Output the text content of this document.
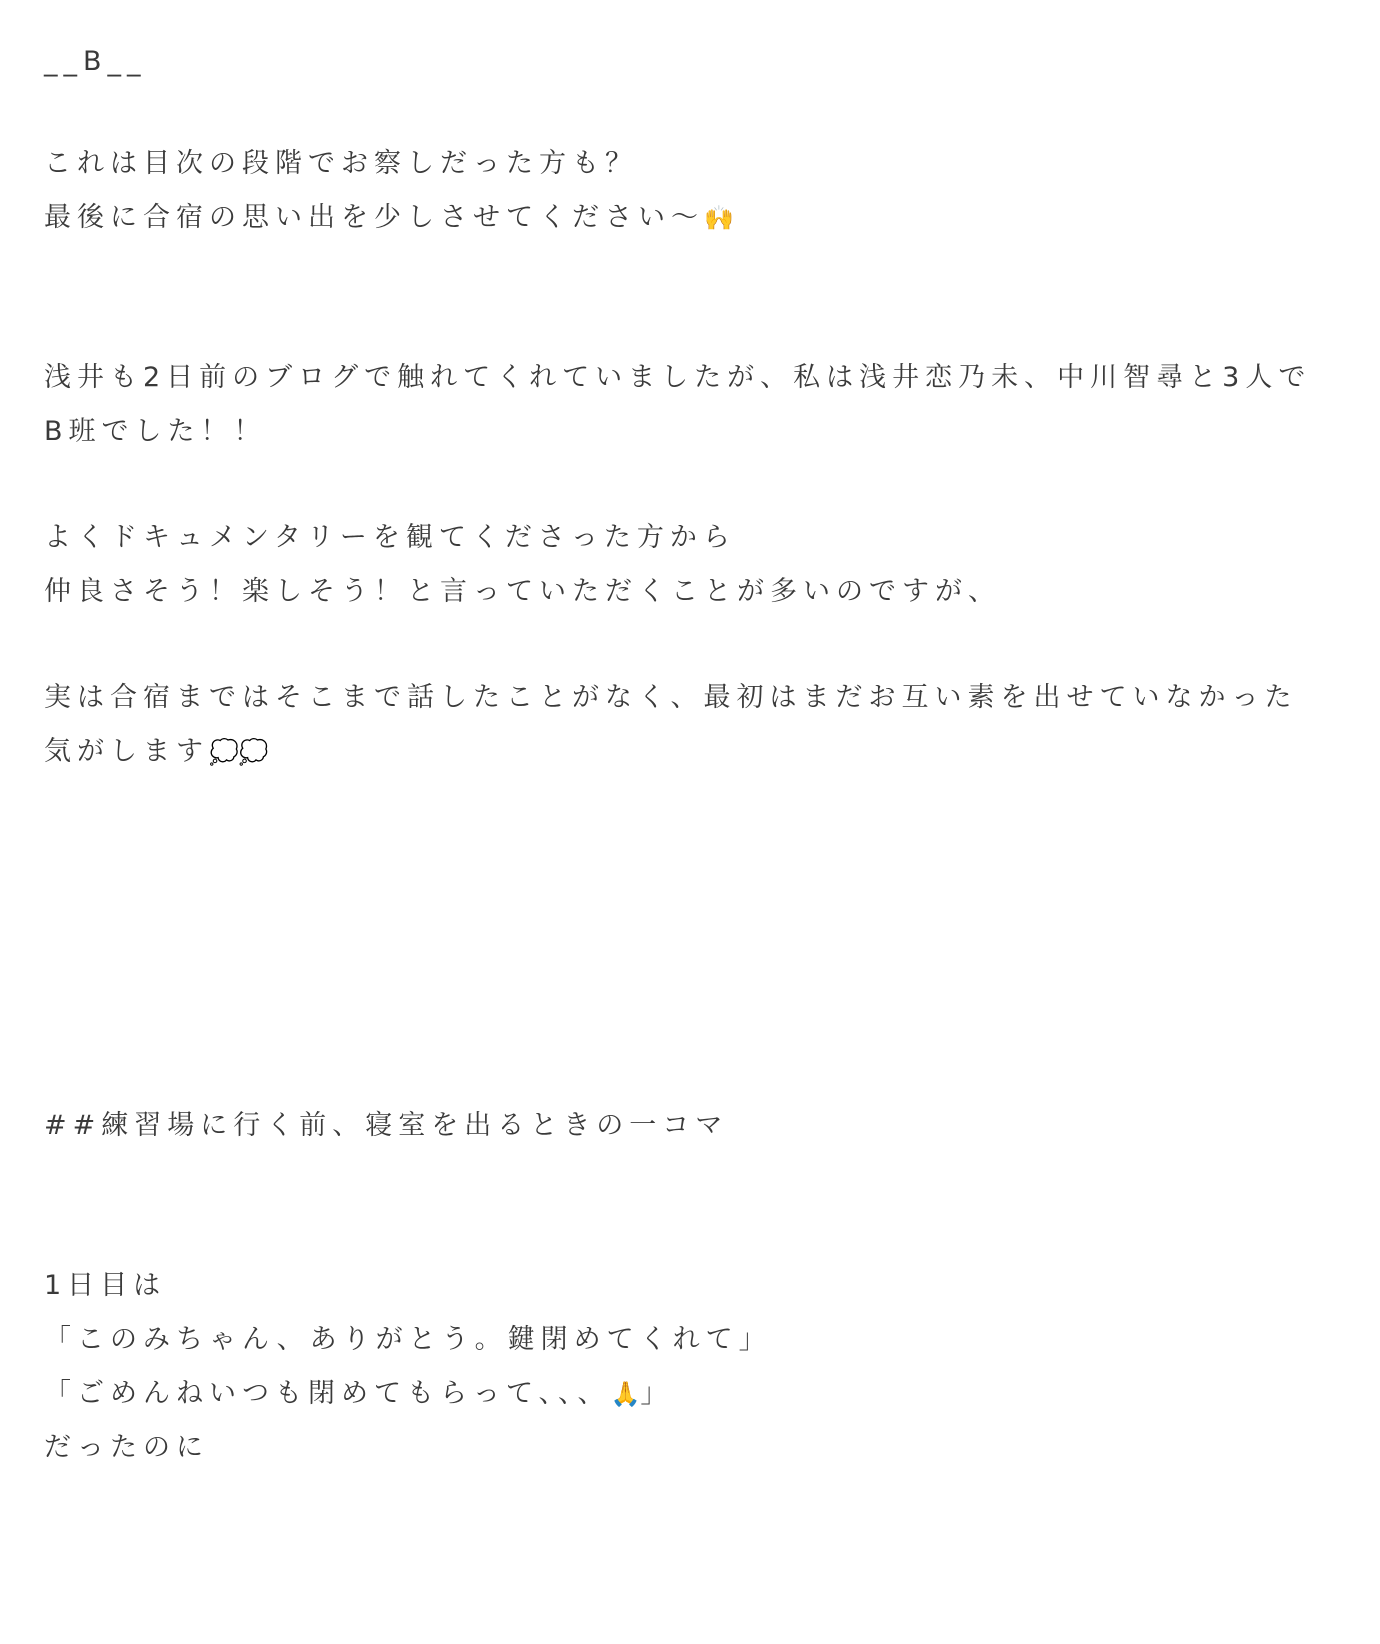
__B__

これは目次の段階でお察しだった方も？

最後に合宿の思い出を少しさせてください〜🙌

浅井も2日前のブログで触れてくれていましたが、私は浅井恋乃未、中川智尋と3人で

B班でした！！

よくドキュメンタリーを観てくださった方から

仲良さそう！楽しそう！と言っていただくことが多いのですが、

実は合宿まではそこまで話したことがなく、最初はまだお互い素を出せていなかった

気がします💭💭

##練習場に行く前、寝室を出るときの一コマ

1日目は

「このみちゃん、ありがとう。鍵閉めてくれて」

「ごめんねいつも閉めてもらって、、、🙏」

だったのに
